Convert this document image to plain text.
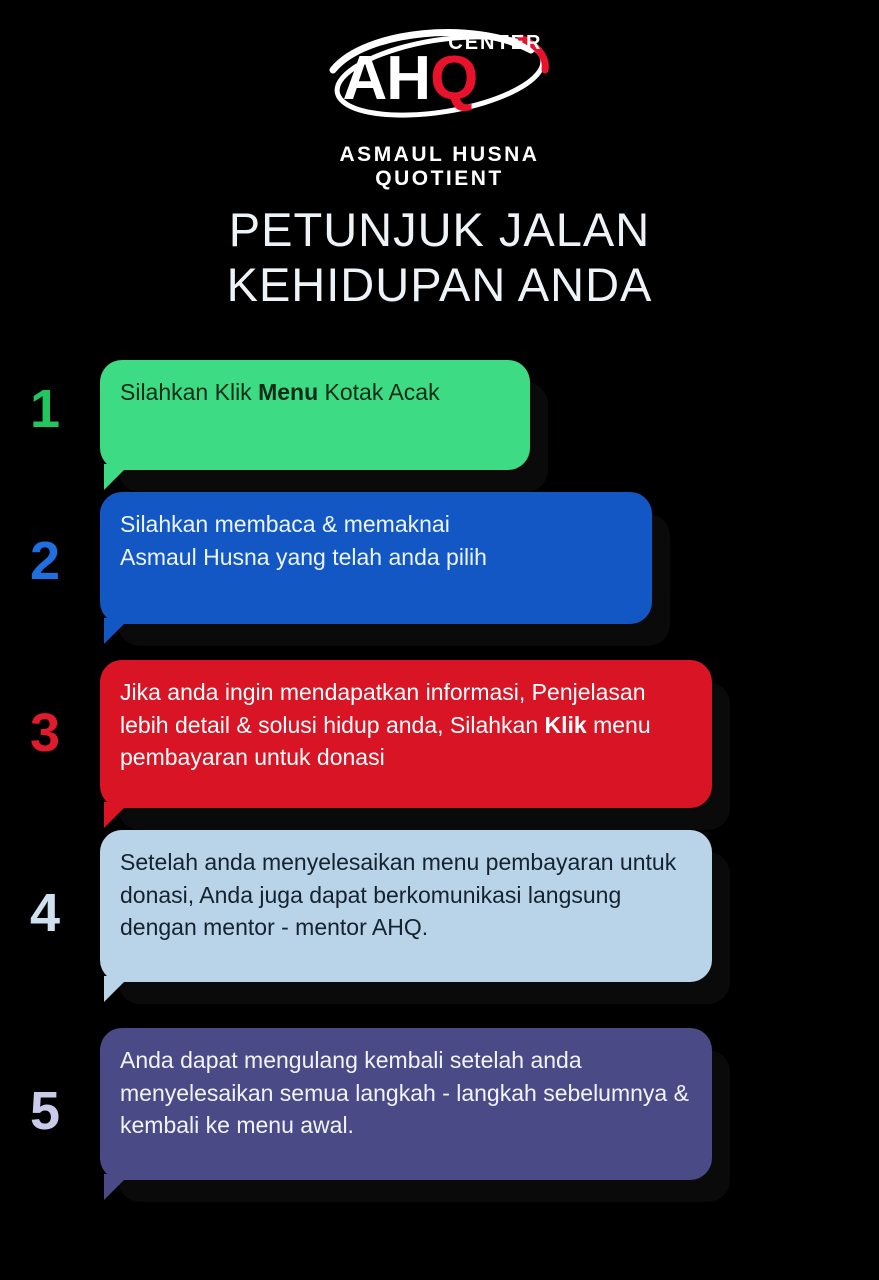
CENTER
AHQ
ASMAUL HUSNA
QUOTIENT
PETUNJUK JALAN
KEHIDUPAN ANDA
1	Silahkan Klik Menu Kotak Acak
2
Silahkan membaca & memaknai
Asmaul Husna yang telah anda pilih
3
Jika anda ingin mendapatkan informasi, Penjelasan lebih detail & solusi hidup anda, Silahkan Klik menu pembayaran untuk donasi
4
Setelah anda menyelesaikan menu pembayaran untuk donasi, Anda juga dapat berkomunikasi langsung dengan mentor - mentor AHQ.
5
Anda dapat mengulang kembali setelah anda menyelesaikan semua langkah - langkah sebelumnya & kembali ke menu awal.
